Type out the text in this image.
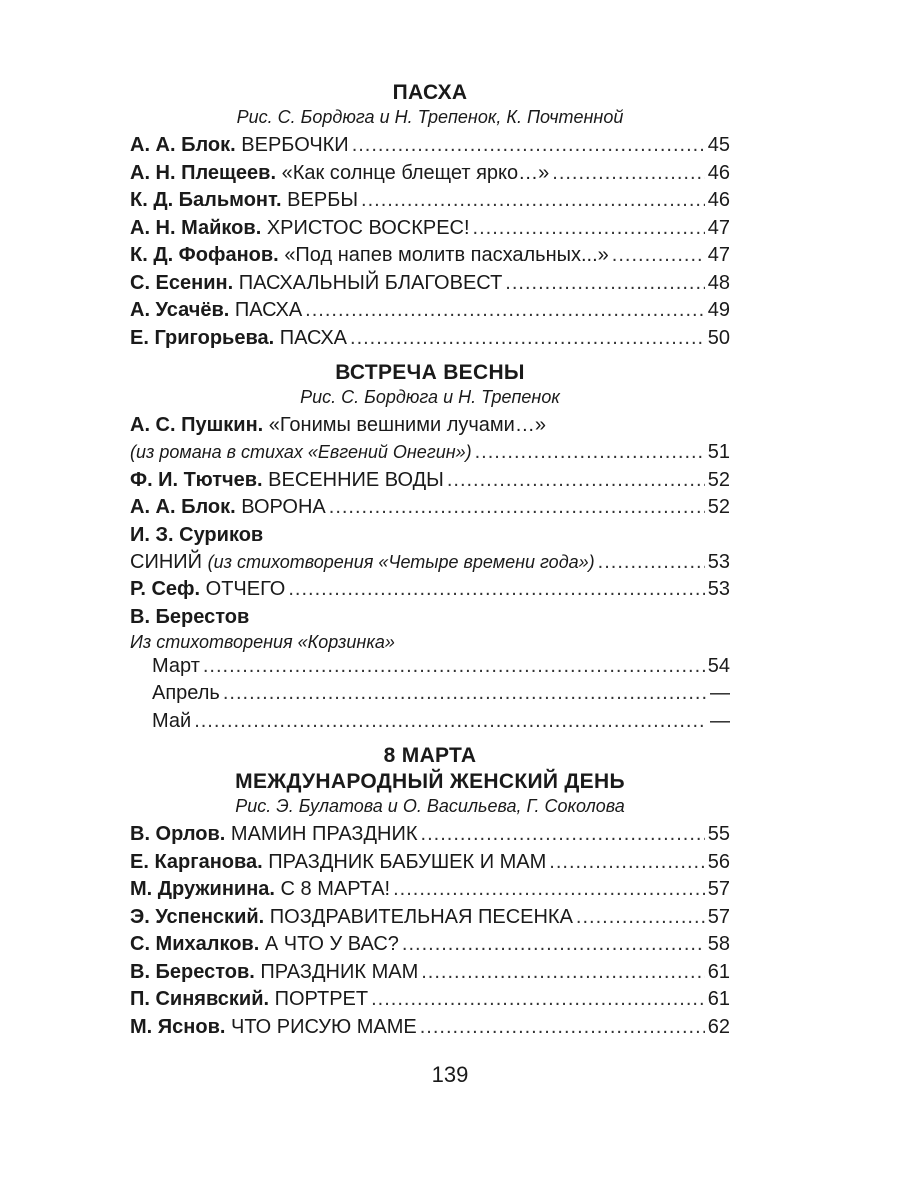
ПАСХА
Рис. С. Бордюга и Н. Трепенок, К. Почтенной
А. А. Блок. ВЕРБОЧКИ .....	45
А. Н. Плещеев. «Как солнце блещет ярко…» .....	46
К. Д. Бальмонт. ВЕРБЫ .....	46
А. Н. Майков. ХРИСТОС ВОСКРЕС! .....	47
К. Д. Фофанов. «Под напев молитв пасхальных...» .....	47
С. Есенин. ПАСХАЛЬНЫЙ БЛАГОВЕСТ .....	48
А. Усачёв. ПАСХА .....	49
Е. Григорьева. ПАСХА .....	50
ВСТРЕЧА ВЕСНЫ
Рис. С. Бордюга и Н. Трепенок
А. С. Пушкин. «Гонимы вешними лучами…»
(из романа в стихах «Евгений Онегин») .....	51
Ф. И. Тютчев. ВЕСЕННИЕ ВОДЫ .....	52
А. А. Блок. ВОРОНА .....	52
И. З. Суриков
СИНИЙ (из стихотворения «Четыре времени года») .....	53
Р. Сеф. ОТЧЕГО .....	53
В. Берестов
Из стихотворения «Корзинка»
Март .....	54
Апрель .....	—
Май .....	—
8 МАРТА
МЕЖДУНАРОДНЫЙ ЖЕНСКИЙ ДЕНЬ
Рис. Э. Булатова и О. Васильева, Г. Соколова
В. Орлов. МАМИН ПРАЗДНИК .....	55
Е. Карганова. ПРАЗДНИК БАБУШЕК И МАМ .....	56
М. Дружинина. С 8 МАРТА! .....	57
Э. Успенский. ПОЗДРАВИТЕЛЬНАЯ ПЕСЕНКА .....	57
С. Михалков. А ЧТО У ВАС? .....	58
В. Берестов. ПРАЗДНИК МАМ .....	61
П. Синявский. ПОРТРЕТ .....	61
М. Яснов. ЧТО РИСУЮ МАМЕ .....	62
139
